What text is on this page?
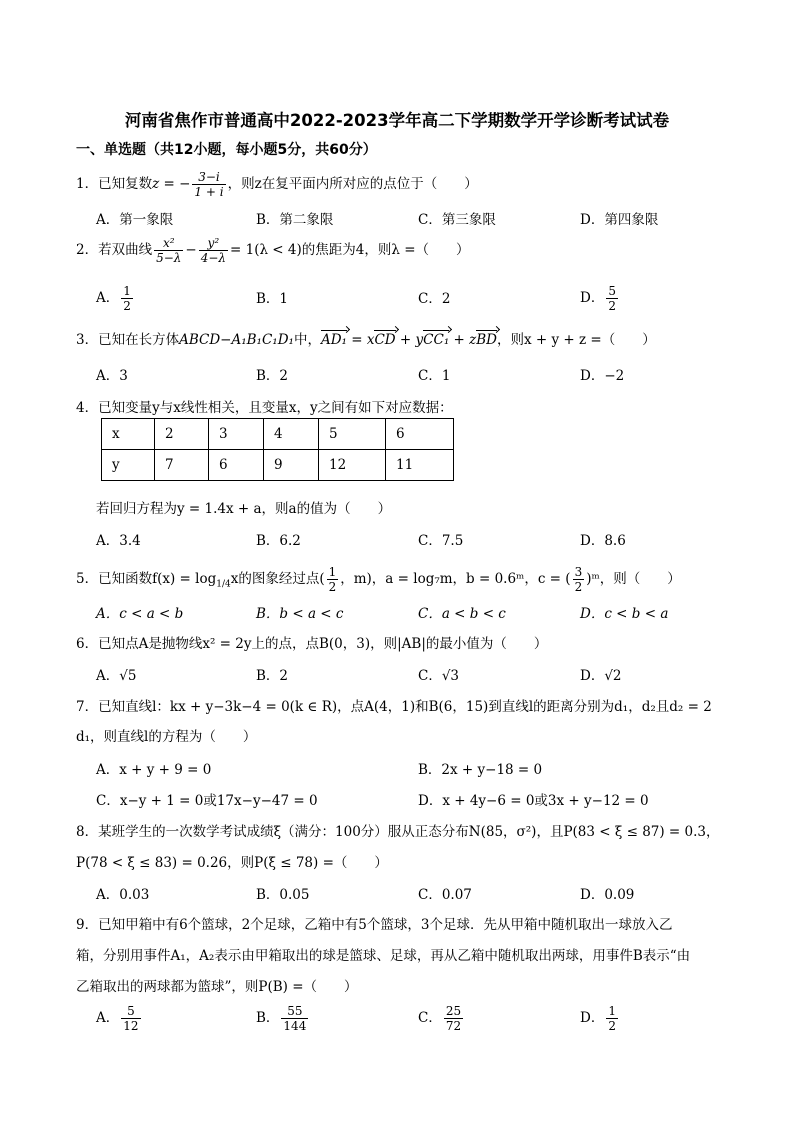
河南省焦作市普通高中2022-2023学年高二下学期数学开学诊断考试试卷
一、单选题（共12小题，每小题5分，共60分）
1．已知复数z = − $\frac{3-i}{1 + i}$ ，则z在复平面内所对应的点位于（　　）
A．第一象限	B．第二象限	C．第三象限	D．第四象限
2．若双曲线 $\frac{\text{x²}}{5-\lambda} - \frac{\text{y²}}{4-\lambda} = 1(\lambda < 4)$的焦距为4，则λ =（　　）
A． $\frac{1}{2}$	B．1	C．2	D． $\frac{5}{2}$
3．已知在长方体ABCD−A₁B₁C₁D₁中，AD₁ = xCD + yCC₁ + zBD，则x + y + z =（　　）
A．3	B．2	C．1	D．−2
4．已知变量y与x线性相关，且变量x，y之间有如下对应数据：
x	2	3	4	5	6
y	7	6	9	12	11
若回归方程为y = 1.4x + a，则a的值为（　　）
A．3.4	B．6.2	C．7.5	D．8.6
5．已知函数$f(x) = \log_{1/4}x$的图象经过点( $\frac{1}{2}$ ，m)，a = log₇m，b = 0.6ᵐ，c = ( $\frac{3}{2}$ )ᵐ，则（　　）
A．c < a < b	B．b < a < c	C．a < b < c	D．c < b < a
6．已知点A是抛物线x² = 2y上的点，点B(0，3)，则|AB|的最小值为（　　）
A．√5	B．2	C．√3	D．√2
7．已知直线l：kx + y−3k−4 = 0(k ∈ R)，点A(4，1)和B(6，15)到直线l的距离分别为d₁，d₂且d₂ = 2
d₁，则直线l的方程为（　　）
A．x + y + 9 = 0	B．2x + y−18 = 0
C．x−y + 1 = 0或17x−y−47 = 0	D．x + 4y−6 = 0或3x + y−12 = 0
8．某班学生的一次数学考试成绩ξ（满分：100分）服从正态分布N(85，σ²)，且P(83 < ξ ≤ 87) = 0.3，
P(78 < ξ ≤ 83) = 0.26，则P(ξ ≤ 78) =（　　）
A．0.03	B．0.05	C．0.07	D．0.09
9．已知甲箱中有6个篮球，2个足球，乙箱中有5个篮球，3个足球．先从甲箱中随机取出一球放入乙
箱，分别用事件A₁，A₂表示由甲箱取出的球是篮球、足球，再从乙箱中随机取出两球，用事件B表示“由
乙箱取出的两球都为篮球”，则P(B) =（　　）
A． $\frac{5}{12}$	B． $\frac{55}{144}$	C． $\frac{25}{72}$	D． $\frac{1}{2}$
